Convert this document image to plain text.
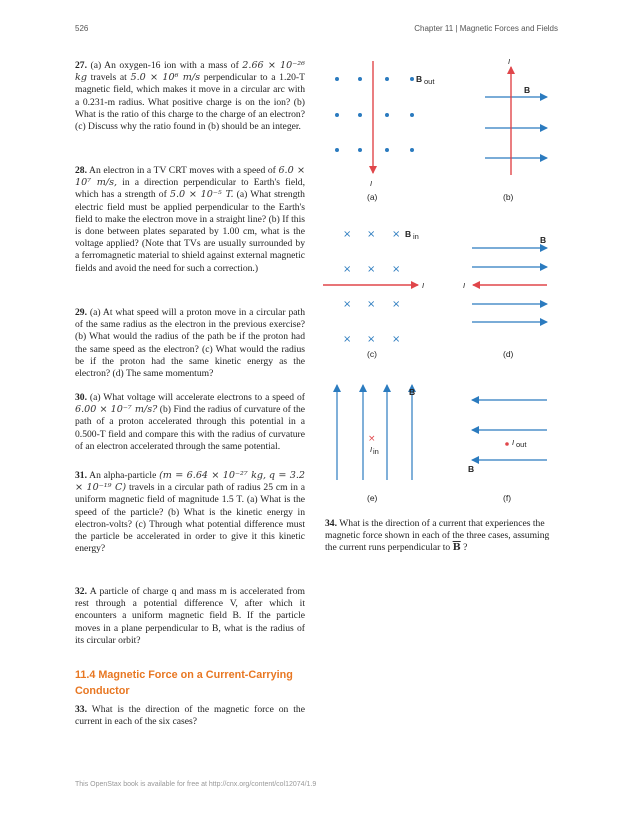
526	Chapter 11 | Magnetic Forces and Fields

27. (a) An oxygen-16 ion with a mass of 2.66 × 10⁻²⁶ kg travels at 5.0 × 10⁶ m/s perpendicular to a 1.20-T magnetic field, which makes it move in a circular arc with a 0.231-m radius. What positive charge is on the ion? (b) What is the ratio of this charge to the charge of an electron? (c) Discuss why the ratio found in (b) should be an integer.

28. An electron in a TV CRT moves with a speed of 6.0 × 10⁷ m/s, in a direction perpendicular to Earth's field, which has a strength of 5.0 × 10⁻⁵ T. (a) What strength electric field must be applied perpendicular to the Earth's field to make the electron move in a straight line? (b) If this is done between plates separated by 1.00 cm, what is the voltage applied? (Note that TVs are usually surrounded by a ferromagnetic material to shield against external magnetic fields and avoid the need for such a correction.)

29. (a) At what speed will a proton move in a circular path of the same radius as the electron in the previous exercise? (b) What would the radius of the path be if the proton had the same speed as the electron? (c) What would the radius be if the proton had the same kinetic energy as the electron? (d) The same momentum?

30. (a) What voltage will accelerate electrons to a speed of 6.00 × 10⁻⁷ m/s? (b) Find the radius of curvature of the path of a proton accelerated through this potential in a 0.500-T field and compare this with the radius of curvature of an electron accelerated through the same potential.

31. An alpha-particle (m = 6.64 × 10⁻²⁷ kg, q = 3.2 × 10⁻¹⁹ C) travels in a circular path of radius 25 cm in a uniform magnetic field of magnitude 1.5 T. (a) What is the speed of the particle? (b) What is the kinetic energy in electron-volts? (c) Through what potential difference must the particle be accelerated in order to give it this kinetic energy?

32. A particle of charge q and mass m is accelerated from rest through a potential difference V, after which it encounters a uniform magnetic field B. If the particle moves in a plane perpendicular to B, what is the radius of its circular orbit?

11.4 Magnetic Force on a Current-Carrying
Conductor

33. What is the direction of the magnetic force on the current in each of the six cases?

34. What is the direction of a current that experiences the magnetic force shown in each of the three cases, assuming the current runs perpendicular to $\overline{B}$ ?

I
B out
(a)
I
B
(b)
× × ×
× × ×
× × ×
× × ×
I
B in
(c)
I
B
(d)
×
I in
B
(e)
I out
B
(f)
This OpenStax book is available for free at http://cnx.org/content/col12074/1.9
